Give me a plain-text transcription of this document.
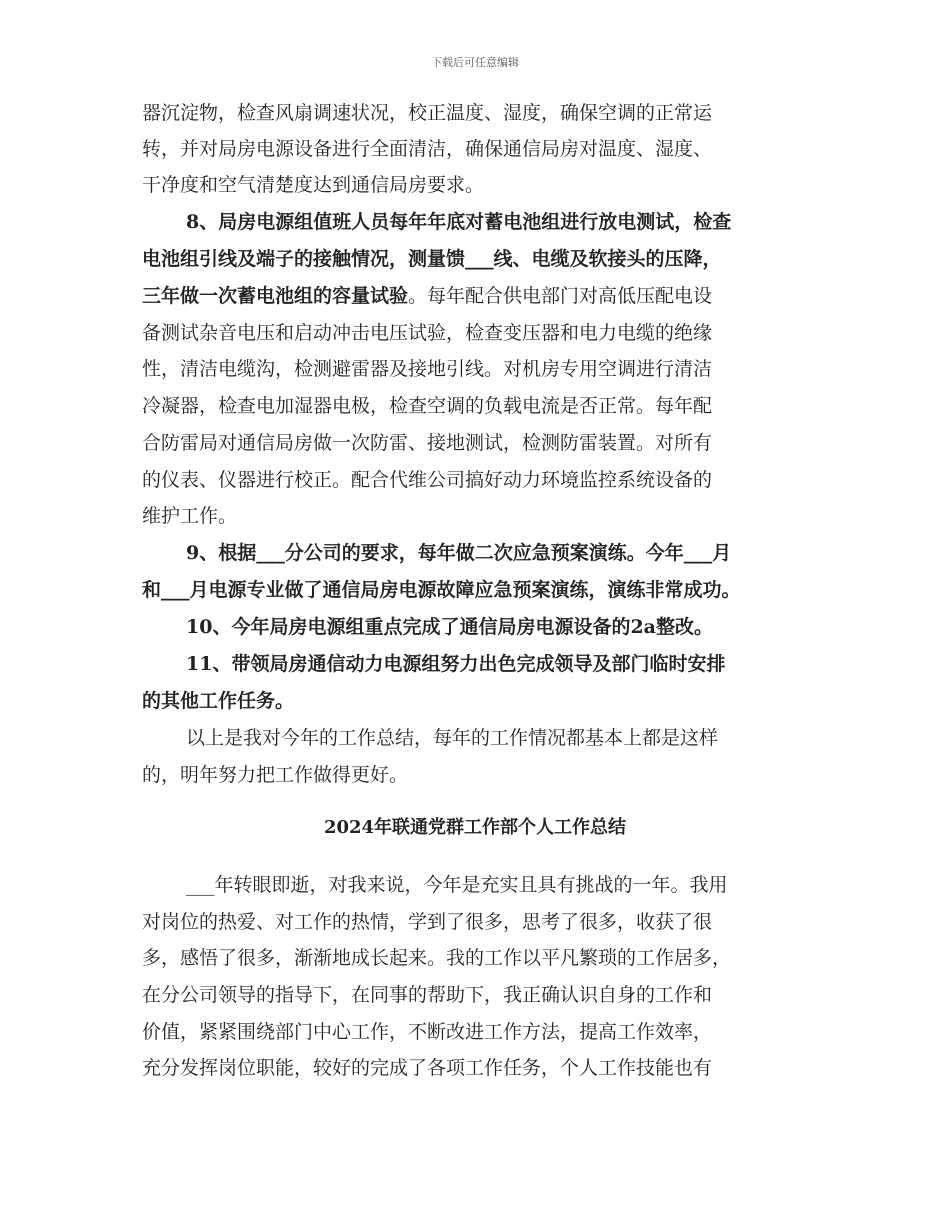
下载后可任意编辑
器沉淀物，检查风扇调速状况，校正温度、湿度，确保空调的正常运
转，并对局房电源设备进行全面清洁，确保通信局房对温度、湿度、
干净度和空气清楚度达到通信局房要求。
8、局房电源组值班人员每年年底对蓄电池组进行放电测试，检查
电池组引线及端子的接触情况，测量馈___线、电缆及软接头的压降，
三年做一次蓄电池组的容量试验。每年配合供电部门对高低压配电设
备测试杂音电压和启动冲击电压试验，检查变压器和电力电缆的绝缘
性，清洁电缆沟，检测避雷器及接地引线。对机房专用空调进行清洁
冷凝器，检查电加湿器电极，检查空调的负载电流是否正常。每年配
合防雷局对通信局房做一次防雷、接地测试，检测防雷装置。对所有
的仪表、仪器进行校正。配合代维公司搞好动力环境监控系统设备的
维护工作。
9、根据___分公司的要求，每年做二次应急预案演练。今年___月
和___月电源专业做了通信局房电源故障应急预案演练，演练非常成功。
10、今年局房电源组重点完成了通信局房电源设备的2a整改。
11、带领局房通信动力电源组努力出色完成领导及部门临时安排
的其他工作任务。
以上是我对今年的工作总结，每年的工作情况都基本上都是这样
的，明年努力把工作做得更好。
___年转眼即逝，对我来说，今年是充实且具有挑战的一年。我用
对岗位的热爱、对工作的热情，学到了很多，思考了很多，收获了很
多，感悟了很多，渐渐地成长起来。我的工作以平凡繁琐的工作居多，
在分公司领导的指导下，在同事的帮助下，我正确认识自身的工作和
价值，紧紧围绕部门中心工作，不断改进工作方法，提高工作效率，
充分发挥岗位职能，较好的完成了各项工作任务，个人工作技能也有
2024年联通党群工作部个人工作总结
